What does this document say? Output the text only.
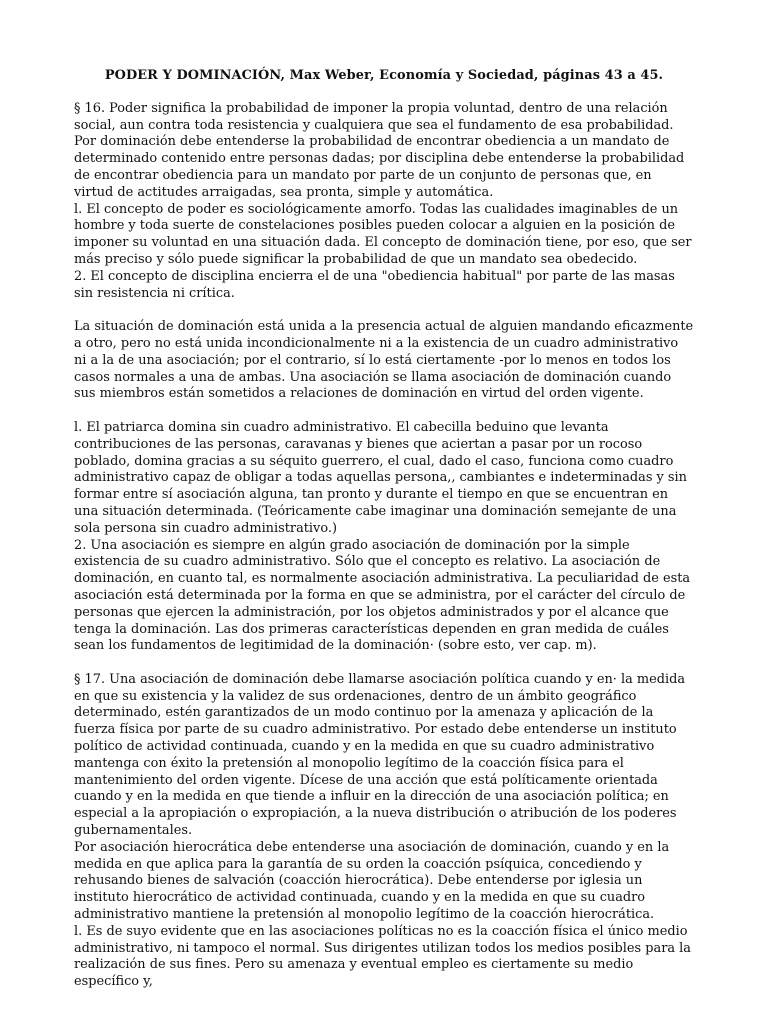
PODER Y DOMINACIÓN, Max Weber, Economía y Sociedad, páginas 43 a 45.

§ 16. Poder significa la probabilidad de imponer la propia voluntad, dentro de una relación social, aun contra toda resistencia y cualquiera que sea el fundamento de esa probabilidad. Por dominación debe entenderse la probabilidad de encontrar obediencia a un mandato de determinado contenido entre personas dadas; por disciplina debe entenderse la probabilidad de encontrar obediencia para un mandato por parte de un conjunto de personas que, en virtud de actitudes arraigadas, sea pronta, simple y automática.
l. El concepto de poder es sociológicamente amorfo. Todas las cualidades imaginables de un hombre y toda suerte de constelaciones posibles pueden colocar a alguien en la posición de imponer su voluntad en una situación dada. El concepto de dominación tiene, por eso, que ser más preciso y sólo puede significar la probabilidad de que un mandato sea obedecido.
2. El concepto de disciplina encierra el de una "obediencia habitual" por parte de las masas sin resistencia ni crítica.

La situación de dominación está unida a la presencia actual de alguien mandando eficazmente a otro, pero no está unida incondicionalmente ni a la existencia de un cuadro administrativo ni a la de una asociación; por el contrario, sí lo está ciertamente -por lo menos en todos los casos normales a una de ambas. Una asociación se llama asociación de dominación cuando sus miembros están sometidos a relaciones de dominación en virtud del orden vigente.

l. El patriarca domina sin cuadro administrativo. El cabecilla beduino que levanta contribuciones de las personas, caravanas y bienes que aciertan a pasar por un rocoso poblado, domina gracias a su séquito guerrero, el cual, dado el caso, funciona como cuadro administrativo capaz de obligar a todas aquellas persona,, cambiantes e indeterminadas y sin formar entre sí asociación alguna, tan pronto y durante el tiempo en que se encuentran en una situación determinada. (Teóricamente cabe imaginar una dominación semejante de una sola persona sin cuadro administrativo.)
2. Una asociación es siempre en algún grado asociación de dominación por la simple existencia de su cuadro administrativo. Sólo que el concepto es relativo. La asociación de dominación, en cuanto tal, es normalmente asociación administrativa. La peculiaridad de esta asociación está determinada por la forma en que se administra, por el carácter del círculo de personas que ejercen la administración, por los objetos administrados y por el alcance que tenga la dominación. Las dos primeras características dependen en gran medida de cuáles sean los fundamentos de legitimidad de la dominación· (sobre esto, ver cap. m).

§ 17. Una asociación de dominación debe llamarse asociación política cuando y en· la medida en que su existencia y la validez de sus ordenaciones, dentro de un ámbito geográfico determinado, estén garantizados de un modo continuo por la amenaza y aplicación de la fuerza física por parte de su cuadro administrativo. Por estado debe entenderse un instituto político de actividad continuada, cuando y en la medida en que su cuadro administrativo mantenga con éxito la pretensión al monopolio legítimo de la coacción física para el mantenimiento del orden vigente. Dícese de una acción que está políticamente orientada cuando y en la medida en que tiende a influir en la dirección de una asociación política; en especial a la apropiación o expropiación, a la nueva distribución o atribución de los poderes gubernamentales.
Por asociación hierocrática debe entenderse una asociación de dominación, cuando y en la medida en que aplica para la garantía de su orden la coacción psíquica, concediendo y rehusando bienes de salvación (coacción hierocrática). Debe entenderse por iglesia un instituto hierocrático de actividad continuada, cuando y en la medida en que su cuadro administrativo mantiene la pretensión al monopolio legítimo de la coacción hierocrática.
l. Es de suyo evidente que en las asociaciones políticas no es la coacción física el único medio administrativo, ni tampoco el normal. Sus dirigentes utilizan todos los medios posibles para la realización de sus fines. Pero su amenaza y eventual empleo es ciertamente su medio específico y,
